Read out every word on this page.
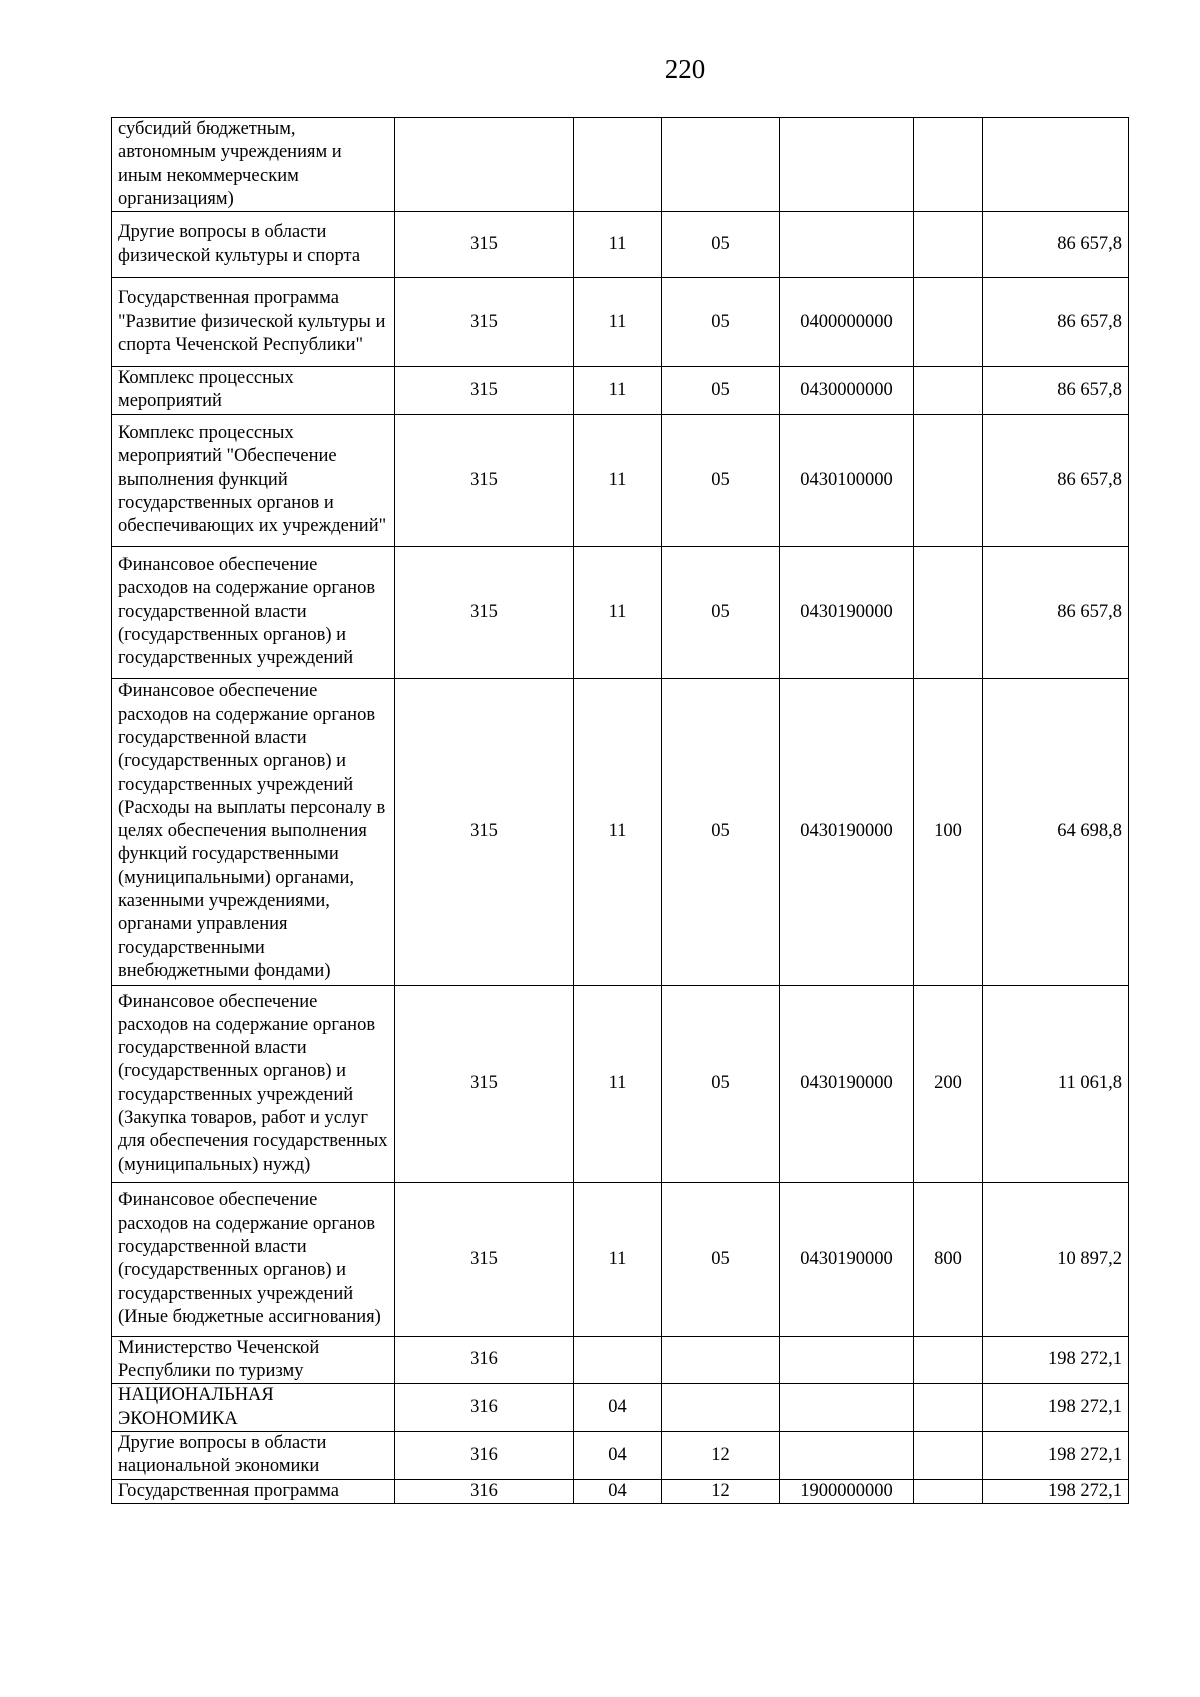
220
субсидий бюджетным, автономным учреждениям и иным некоммерческим организациям)						
Другие вопросы в области физической культуры и спорта	315	11	05			86 657,8
Государственная программа "Развитие физической культуры и спорта Чеченской Республики"	315	11	05	0400000000		86 657,8
Комплекс процессных мероприятий	315	11	05	0430000000		86 657,8
Комплекс процессных мероприятий "Обеспечение выполнения функций государственных органов и обеспечивающих их учреждений"	315	11	05	0430100000		86 657,8
Финансовое обеспечение расходов на содержание органов государственной власти (государственных органов) и государственных учреждений	315	11	05	0430190000		86 657,8
Финансовое обеспечение расходов на содержание органов государственной власти (государственных органов) и государственных учреждений (Расходы на выплаты персоналу в целях обеспечения выполнения функций государственными (муниципальными) органами, казенными учреждениями, органами управления государственными внебюджетными фондами)	315	11	05	0430190000	100	64 698,8
Финансовое обеспечение расходов на содержание органов государственной власти (государственных органов) и государственных учреждений (Закупка товаров, работ и услуг для обеспечения государственных (муниципальных) нужд)	315	11	05	0430190000	200	11 061,8
Финансовое обеспечение расходов на содержание органов государственной власти (государственных органов) и государственных учреждений (Иные бюджетные ассигнования)	315	11	05	0430190000	800	10 897,2
Министерство Чеченской Республики по туризму	316					198 272,1
НАЦИОНАЛЬНАЯ ЭКОНОМИКА	316	04				198 272,1
Другие вопросы в области национальной экономики	316	04	12			198 272,1
Государственная программа	316	04	12	1900000000		198 272,1
